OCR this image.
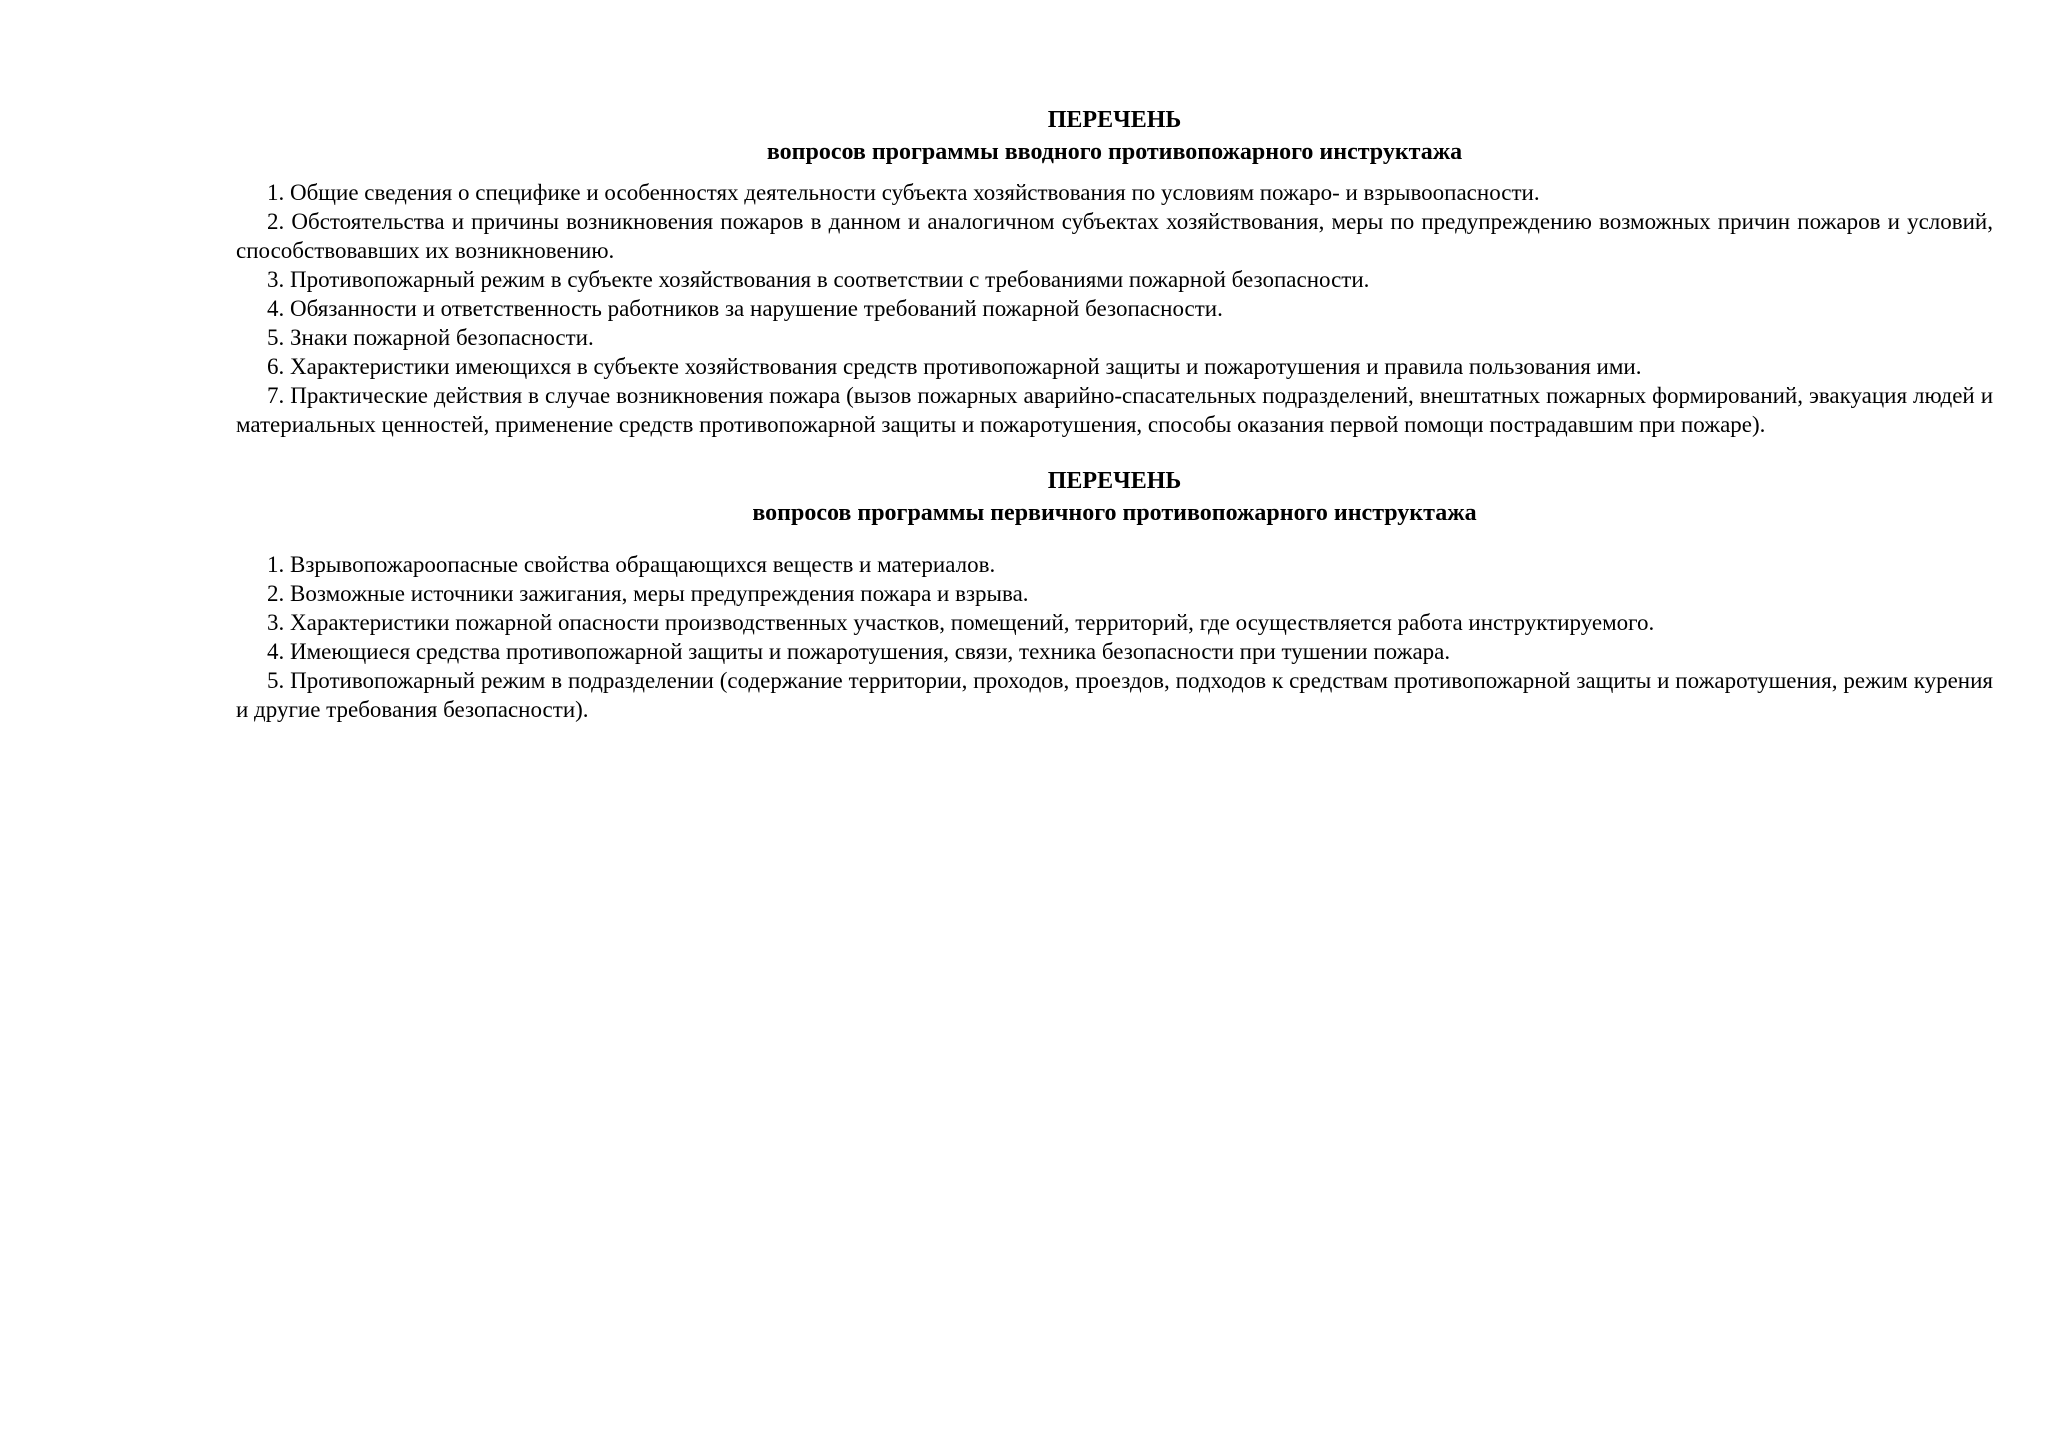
ПЕРЕЧЕНЬ
вопросов программы вводного противопожарного инструктажа

1. Общие сведения о специфике и особенностях деятельности субъекта хозяйствования по условиям пожаро- и взрывоопасности.

2. Обстоятельства и причины возникновения пожаров в данном и аналогичном субъектах хозяйствования, меры по предупреждению возможных причин пожаров и условий, способствовавших их возникновению.

3. Противопожарный режим в субъекте хозяйствования в соответствии с требованиями пожарной безопасности.

4. Обязанности и ответственность работников за нарушение требований пожарной безопасности.

5. Знаки пожарной безопасности.

6. Характеристики имеющихся в субъекте хозяйствования средств противопожарной защиты и пожаротушения и правила пользования ими.

7. Практические действия в случае возникновения пожара (вызов пожарных аварийно-спасательных подразделений, внештатных пожарных формирований, эвакуация людей и материальных ценностей, применение средств противопожарной защиты и пожаротушения, способы оказания первой помощи пострадавшим при пожаре).

ПЕРЕЧЕНЬ
вопросов программы первичного противопожарного инструктажа

1. Взрывопожароопасные свойства обращающихся веществ и материалов.

2. Возможные источники зажигания, меры предупреждения пожара и взрыва.

3. Характеристики пожарной опасности производственных участков, помещений, территорий, где осуществляется работа инструктируемого.

4. Имеющиеся средства противопожарной защиты и пожаротушения, связи, техника безопасности при тушении пожара.

5. Противопожарный режим в подразделении (содержание территории, проходов, проездов, подходов к средствам противопожарной защиты и пожаротушения, режим курения и другие требования безопасности).
